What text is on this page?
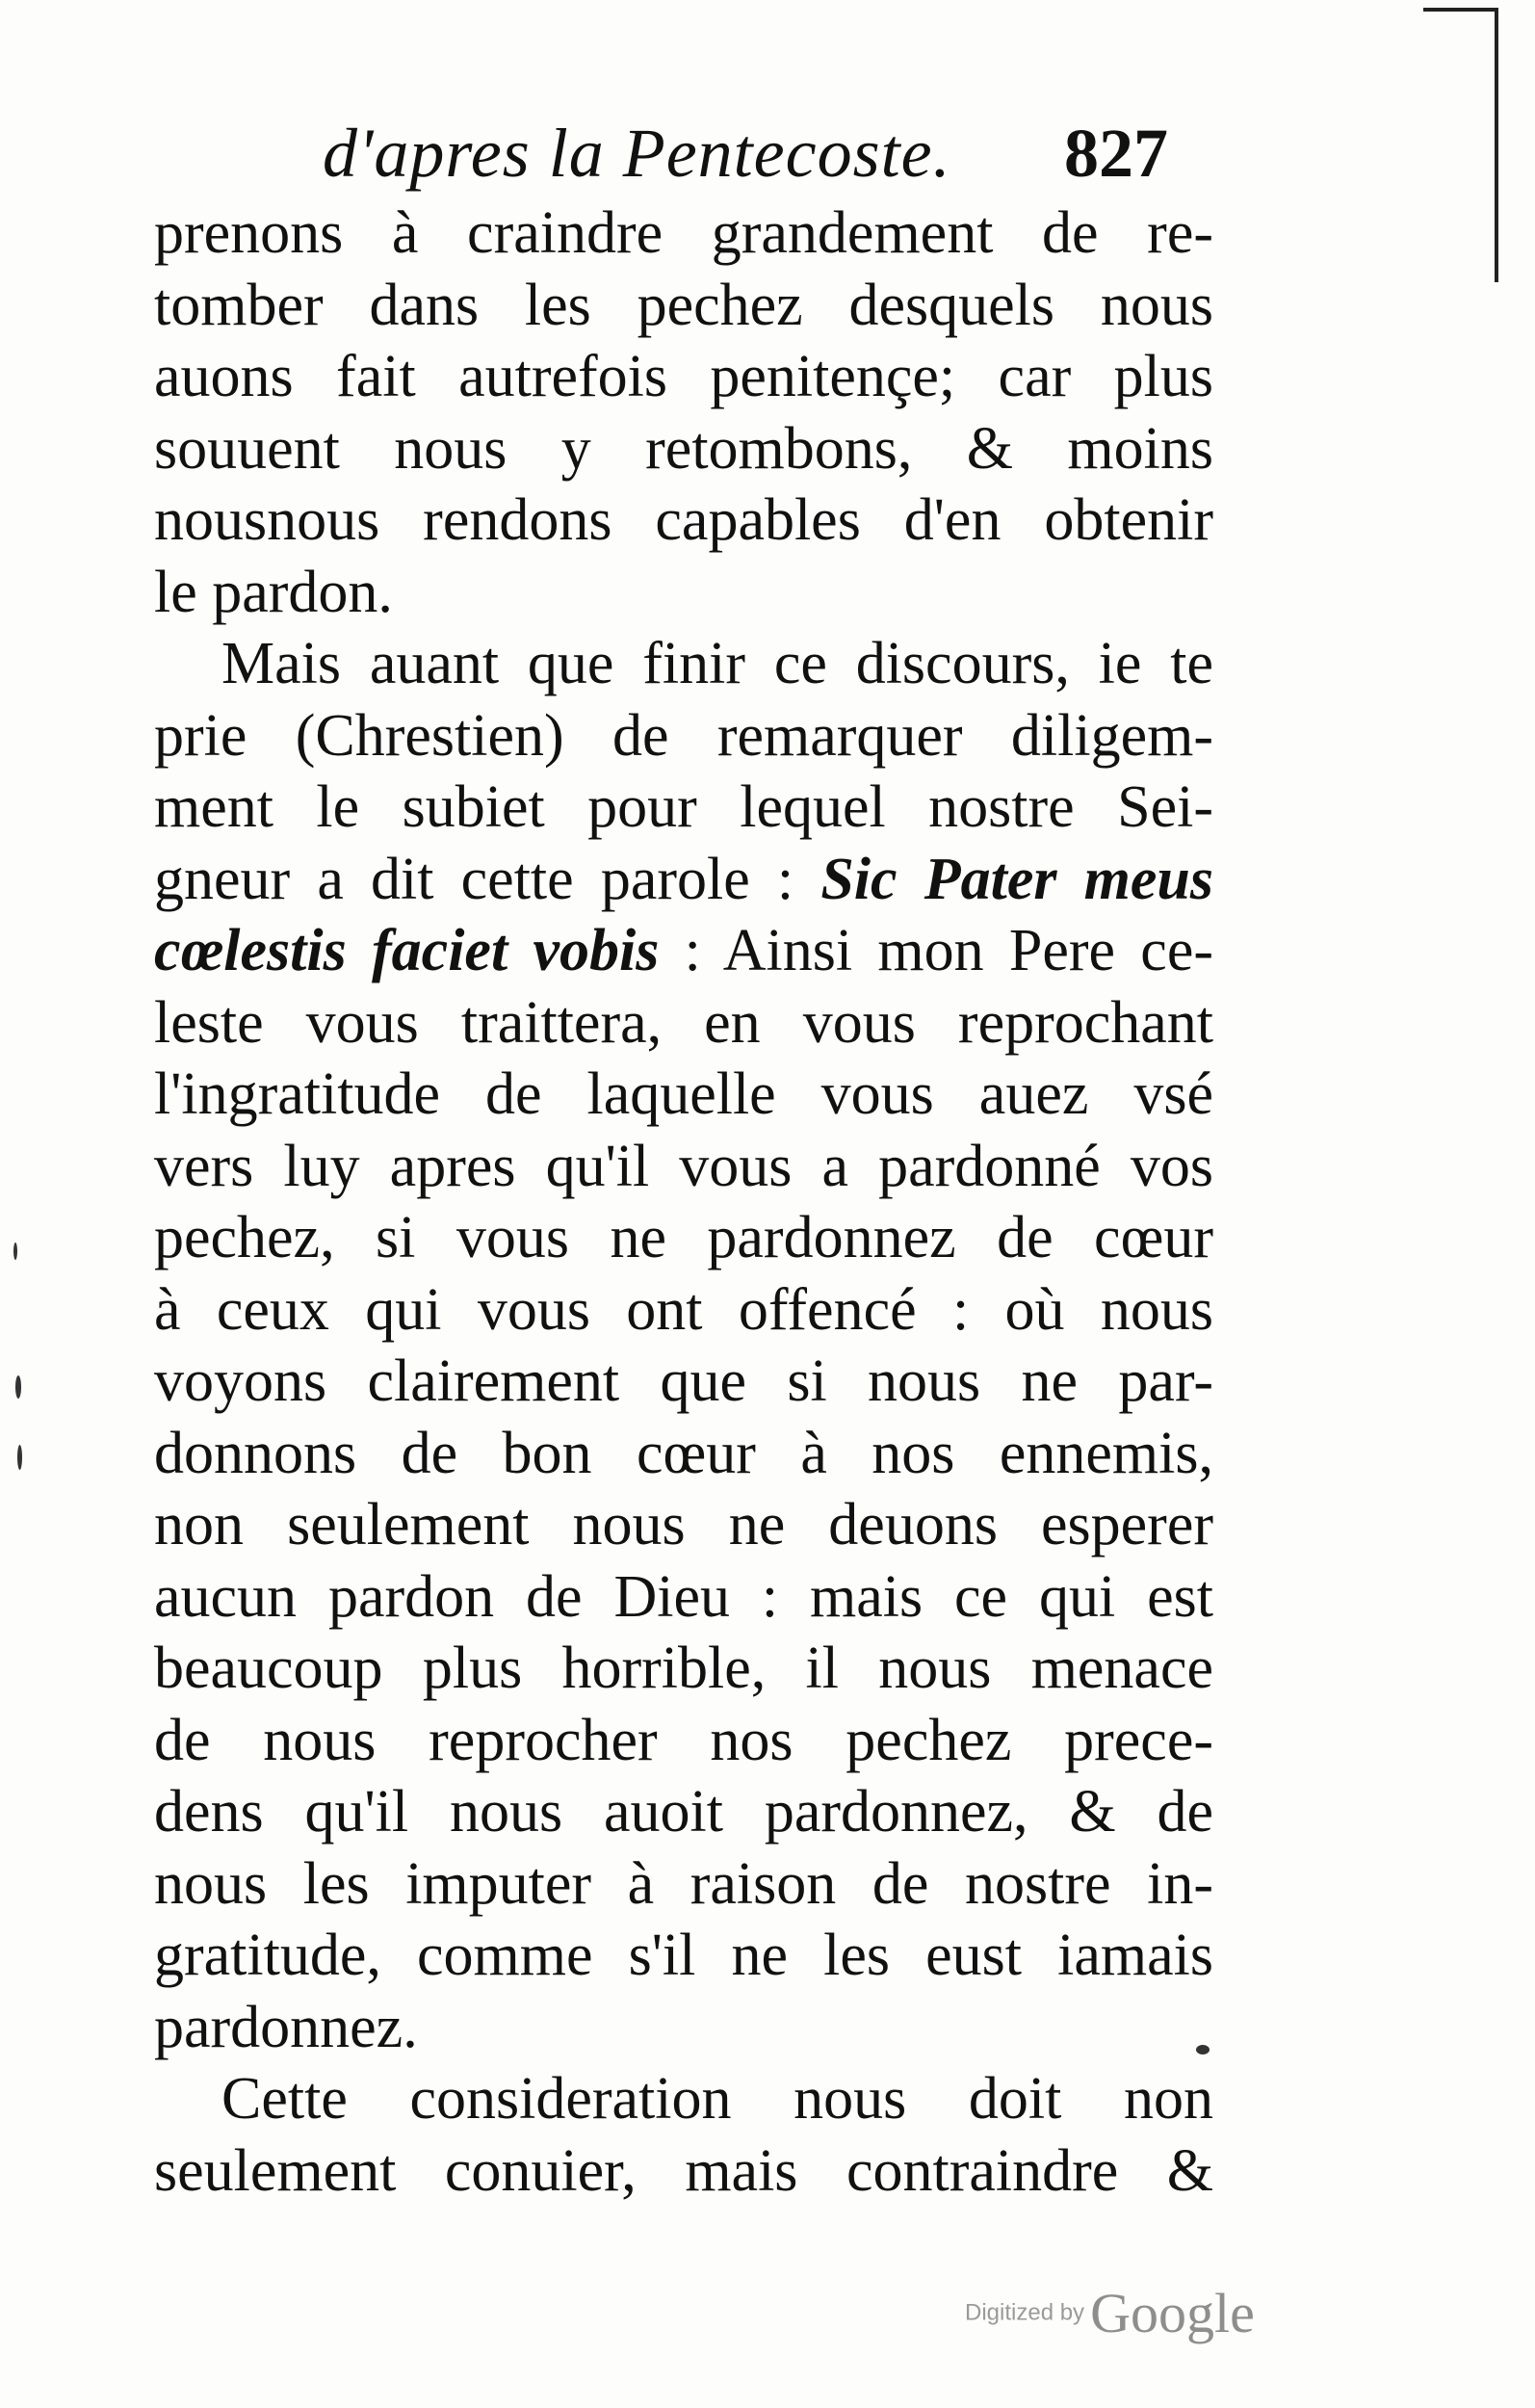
d'apres la Pentecoste. 827
prenons à craindre grandement de re-
tomber dans les pechez desquels nous
auons fait autrefois penitençe; car plus
souuent nous y retombons, & moins
nousnous rendons capables d'en obtenir
le pardon.
Mais auant que finir ce discours, ie te
prie (Chrestien) de remarquer diligem-
ment le subiet pour lequel nostre Sei-
gneur a dit cette parole : Sic Pater meus
cœlestis faciet vobis : Ainsi mon Pere ce-
leste vous traittera, en vous reprochant
l'ingratitude de laquelle vous auez vsé
vers luy apres qu'il vous a pardonné vos
pechez, si vous ne pardonnez de cœur
à ceux qui vous ont offencé : où nous
voyons clairement que si nous ne par-
donnons de bon cœur à nos ennemis,
non seulement nous ne deuons esperer
aucun pardon de Dieu : mais ce qui est
beaucoup plus horrible, il nous menace
de nous reprocher nos pechez prece-
dens qu'il nous auoit pardonnez, & de
nous les imputer à raison de nostre in-
gratitude, comme s'il ne les eust iamais
pardonnez.
Cette consideration nous doit non
seulement conuier, mais contraindre &
Digitized by Google
